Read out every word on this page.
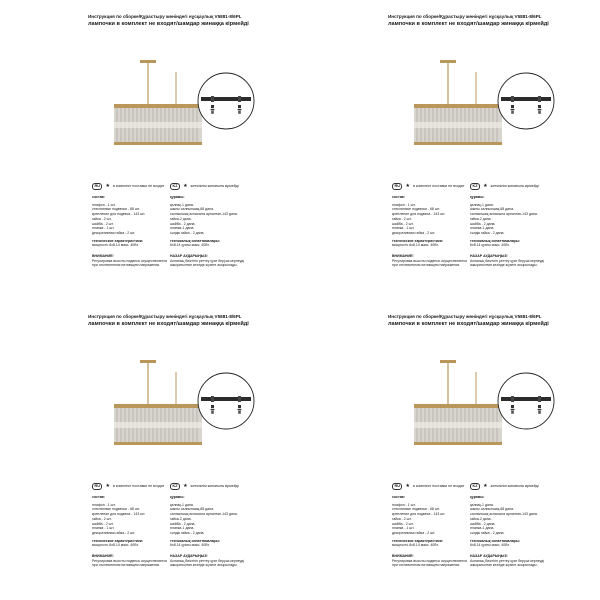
Инструкция по сборке/Құрастыру жөніндегі нұсқаулық V5881-8/6PL
лампочки в комплект не входят/шамдар жинаққа кірмейді
RU	★ в комплект поставки не входит	KZ	★ жеткізілім жинағына кірмейді
состав:
плафон - 1 шт.
стеклянные подвески - 68 шт.
крепление для подвеса - 143 шт.
гайка - 2 шт.
шайба - 2 шт.
планка - 1 шт.
декоративная гайка - 2 шт.
технические характеристики:
мощность 6х8.14 макс. 40Вт.
құрамы:
қалпақ-1 дана.
шыны салпыншақ-68 дана.
салпыншақ аспасына арналған-143 дана.
гайка-2 дана.
шайба - 2 дана.
планка-1 дана.
сәндік гайка - 2 дана.
техникалық сипаттамалары:
6х8.14 қуаты макс. 40Вт.
ВНИМАНИЕ!
Регулировка высоты подвеса осуществляется
при отключенном питающем напряжении.
НАЗАР АУДАРЫҢЫЗ!
Аспаның биіктігін реттеу қуат беруші кернеуді
ажыратылған кезінде жүзеге асырылады.
Инструкция по сборке/Құрастыру жөніндегі нұсқаулық V5881-8/6PL
лампочки в комплект не входят/шамдар жинаққа кірмейді
RU	★ в комплект поставки не входит	KZ	★ жеткізілім жинағына кірмейді
состав:
плафон - 1 шт.
стеклянные подвески - 68 шт.
крепление для подвеса - 143 шт.
гайка - 2 шт.
шайба - 2 шт.
планка - 1 шт.
декоративная гайка - 2 шт.
технические характеристики:
мощность 6х8.14 макс. 40Вт.
құрамы:
қалпақ-1 дана.
шыны салпыншақ-68 дана.
салпыншақ аспасына арналған-143 дана.
гайка-2 дана.
шайба - 2 дана.
планка-1 дана.
сәндік гайка - 2 дана.
техникалық сипаттамалары:
6х8.14 қуаты макс. 40Вт.
ВНИМАНИЕ!
Регулировка высоты подвеса осуществляется
при отключенном питающем напряжении.
НАЗАР АУДАРЫҢЫЗ!
Аспаның биіктігін реттеу қуат беруші кернеуді
ажыратылған кезінде жүзеге асырылады.
Инструкция по сборке/Құрастыру жөніндегі нұсқаулық V5881-8/6PL
лампочки в комплект не входят/шамдар жинаққа кірмейді
RU	★ в комплект поставки не входит	KZ	★ жеткізілім жинағына кірмейді
состав:
плафон - 1 шт.
стеклянные подвески - 68 шт.
крепление для подвеса - 143 шт.
гайка - 2 шт.
шайба - 2 шт.
планка - 1 шт.
декоративная гайка - 2 шт.
технические характеристики:
мощность 6х8.14 макс. 40Вт.
құрамы:
қалпақ-1 дана.
шыны салпыншақ-68 дана.
салпыншақ аспасына арналған-143 дана.
гайка-2 дана.
шайба - 2 дана.
планка-1 дана.
сәндік гайка - 2 дана.
техникалық сипаттамалары:
6х8.14 қуаты макс. 40Вт.
ВНИМАНИЕ!
Регулировка высоты подвеса осуществляется
при отключенном питающем напряжении.
НАЗАР АУДАРЫҢЫЗ!
Аспаның биіктігін реттеу қуат беруші кернеуді
ажыратылған кезінде жүзеге асырылады.
Инструкция по сборке/Құрастыру жөніндегі нұсқаулық V5881-8/6PL
лампочки в комплект не входят/шамдар жинаққа кірмейді
RU	★ в комплект поставки не входит	KZ	★ жеткізілім жинағына кірмейді
состав:
плафон - 1 шт.
стеклянные подвески - 68 шт.
крепление для подвеса - 143 шт.
гайка - 2 шт.
шайба - 2 шт.
планка - 1 шт.
декоративная гайка - 2 шт.
технические характеристики:
мощность 6х8.14 макс. 40Вт.
құрамы:
қалпақ-1 дана.
шыны салпыншақ-68 дана.
салпыншақ аспасына арналған-143 дана.
гайка-2 дана.
шайба - 2 дана.
планка-1 дана.
сәндік гайка - 2 дана.
техникалық сипаттамалары:
6х8.14 қуаты макс. 40Вт.
ВНИМАНИЕ!
Регулировка высоты подвеса осуществляется
при отключенном питающем напряжении.
НАЗАР АУДАРЫҢЫЗ!
Аспаның биіктігін реттеу қуат беруші кернеуді
ажыратылған кезінде жүзеге асырылады.
